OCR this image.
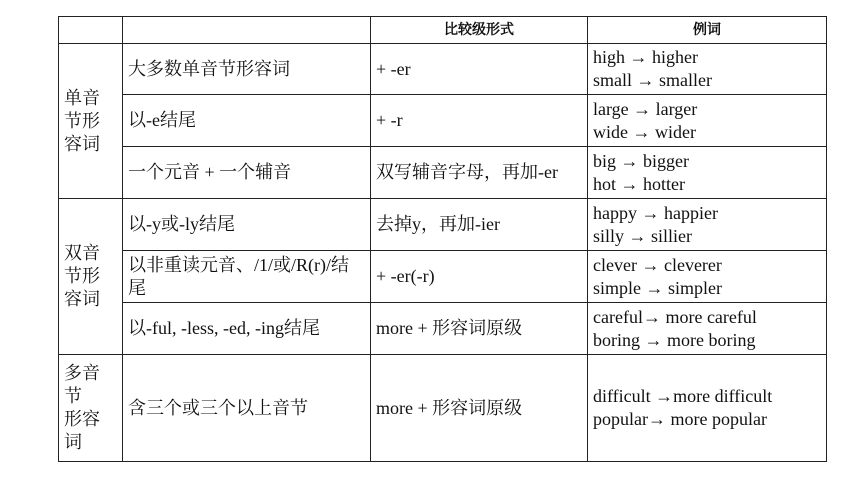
		比较级形式	例词
单音
节形
容词	大多数单音节形容词	+ -er	high → higher
small → smaller

	以-e结尾	+ -r	large → larger
wide → wider

	一个元音 + 一个辅音	双写辅音字母，再加-er	big → bigger
hot → hotter

双音
节形
容词	以-y或-ly结尾	去掉y，再加-ier	happy → happier
silly → sillier

	以非重读元音、/1/或/R(r)/结尾	+ -er(-r)	clever → cleverer
simple → simpler

	以-ful, -less, -ed, -ing结尾	more + 形容词原级	careful→ more careful
boring → more boring

多音
节
形容
词	含三个或三个以上音节	more + 形容词原级	difficult →more difficult
popular→ more popular
